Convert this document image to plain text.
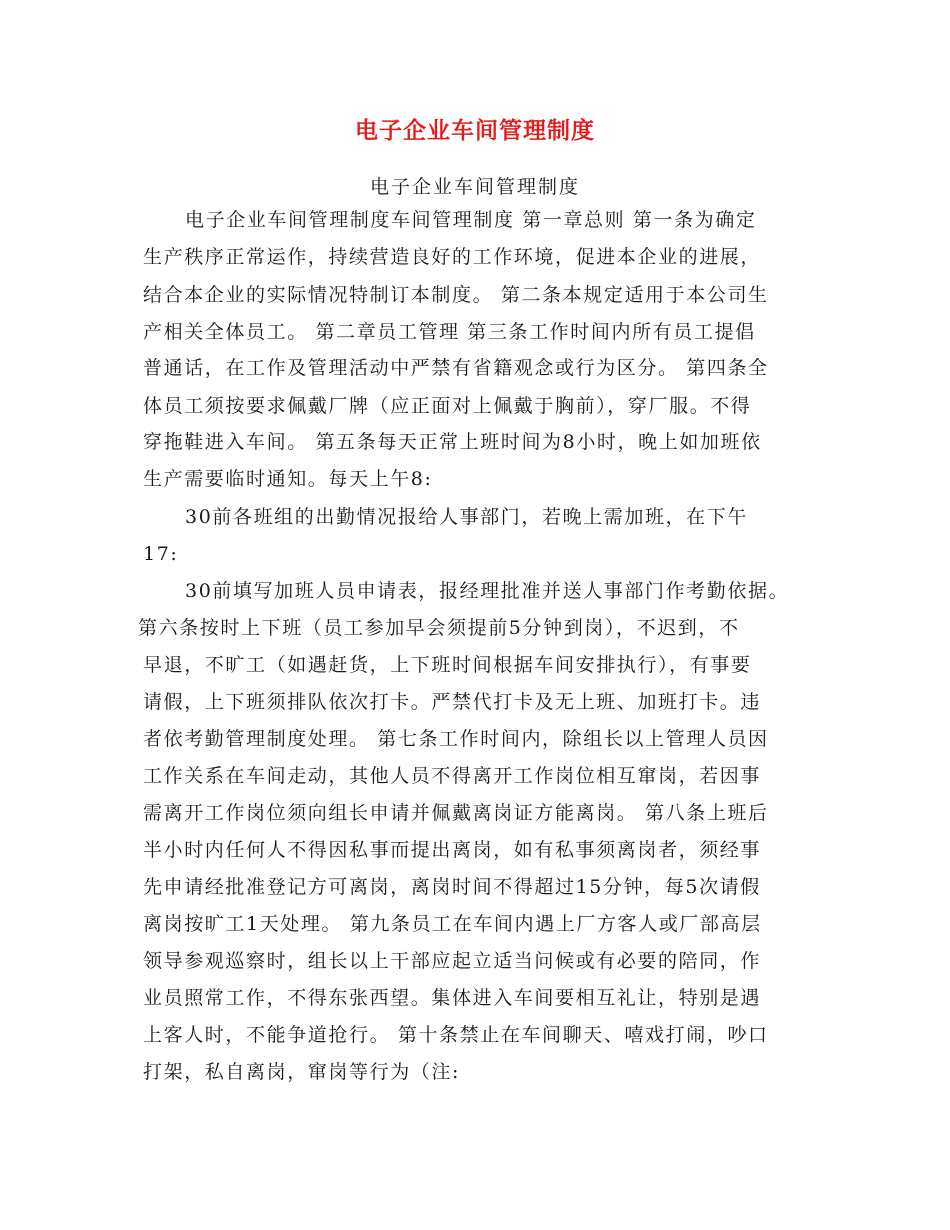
电子企业车间管理制度
电子企业车间管理制度
电子企业车间管理制度车间管理制度 第一章总则 第一条为确定
生产秩序正常运作，持续营造良好的工作环境，促进本企业的进展，
结合本企业的实际情况特制订本制度。 第二条本规定适用于本公司生
产相关全体员工。 第二章员工管理 第三条工作时间内所有员工提倡
普通话，在工作及管理活动中严禁有省籍观念或行为区分。 第四条全
体员工须按要求佩戴厂牌（应正面对上佩戴于胸前），穿厂服。不得
穿拖鞋进入车间。 第五条每天正常上班时间为8小时，晚上如加班依
生产需要临时通知。每天上午8:
30前各班组的出勤情况报给人事部门，若晚上需加班，在下午
17:
30前填写加班人员申请表，报经理批准并送人事部门作考勤依据。
第六条按时上下班（员工参加早会须提前5分钟到岗），不迟到，不
早退，不旷工（如遇赶货，上下班时间根据车间安排执行），有事要
请假，上下班须排队依次打卡。严禁代打卡及无上班、加班打卡。违
者依考勤管理制度处理。 第七条工作时间内，除组长以上管理人员因
工作关系在车间走动，其他人员不得离开工作岗位相互窜岗，若因事
需离开工作岗位须向组长申请并佩戴离岗证方能离岗。 第八条上班后
半小时内任何人不得因私事而提出离岗，如有私事须离岗者，须经事
先申请经批准登记方可离岗，离岗时间不得超过15分钟，每5次请假
离岗按旷工1天处理。 第九条员工在车间内遇上厂方客人或厂部高层
领导参观巡察时，组长以上干部应起立适当问候或有必要的陪同，作
业员照常工作，不得东张西望。集体进入车间要相互礼让，特别是遇
上客人时，不能争道抢行。 第十条禁止在车间聊天、嘻戏打闹，吵口
打架，私自离岗，窜岗等行为（注:
